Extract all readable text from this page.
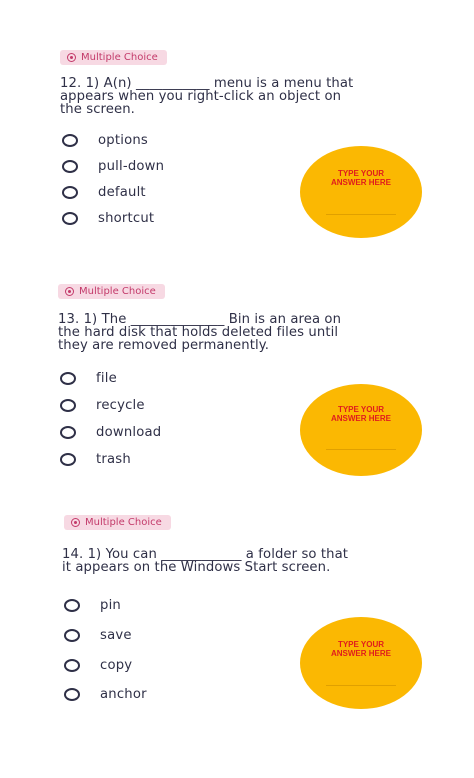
Multiple Choice
12. 1) A(n) ___________ menu is a menu that
appears when you right-click an object on
the screen.
options
pull-down
default
shortcut
TYPE YOUR
ANSWER HERE
Multiple Choice
13. 1) The ______________ Bin is an area on
the hard disk that holds deleted files until
they are removed permanently.
file
recycle
download
trash
TYPE YOUR
ANSWER HERE
Multiple Choice
14. 1) You can ____________ a folder so that
it appears on the Windows Start screen.
pin
save
copy
anchor
TYPE YOUR
ANSWER HERE
